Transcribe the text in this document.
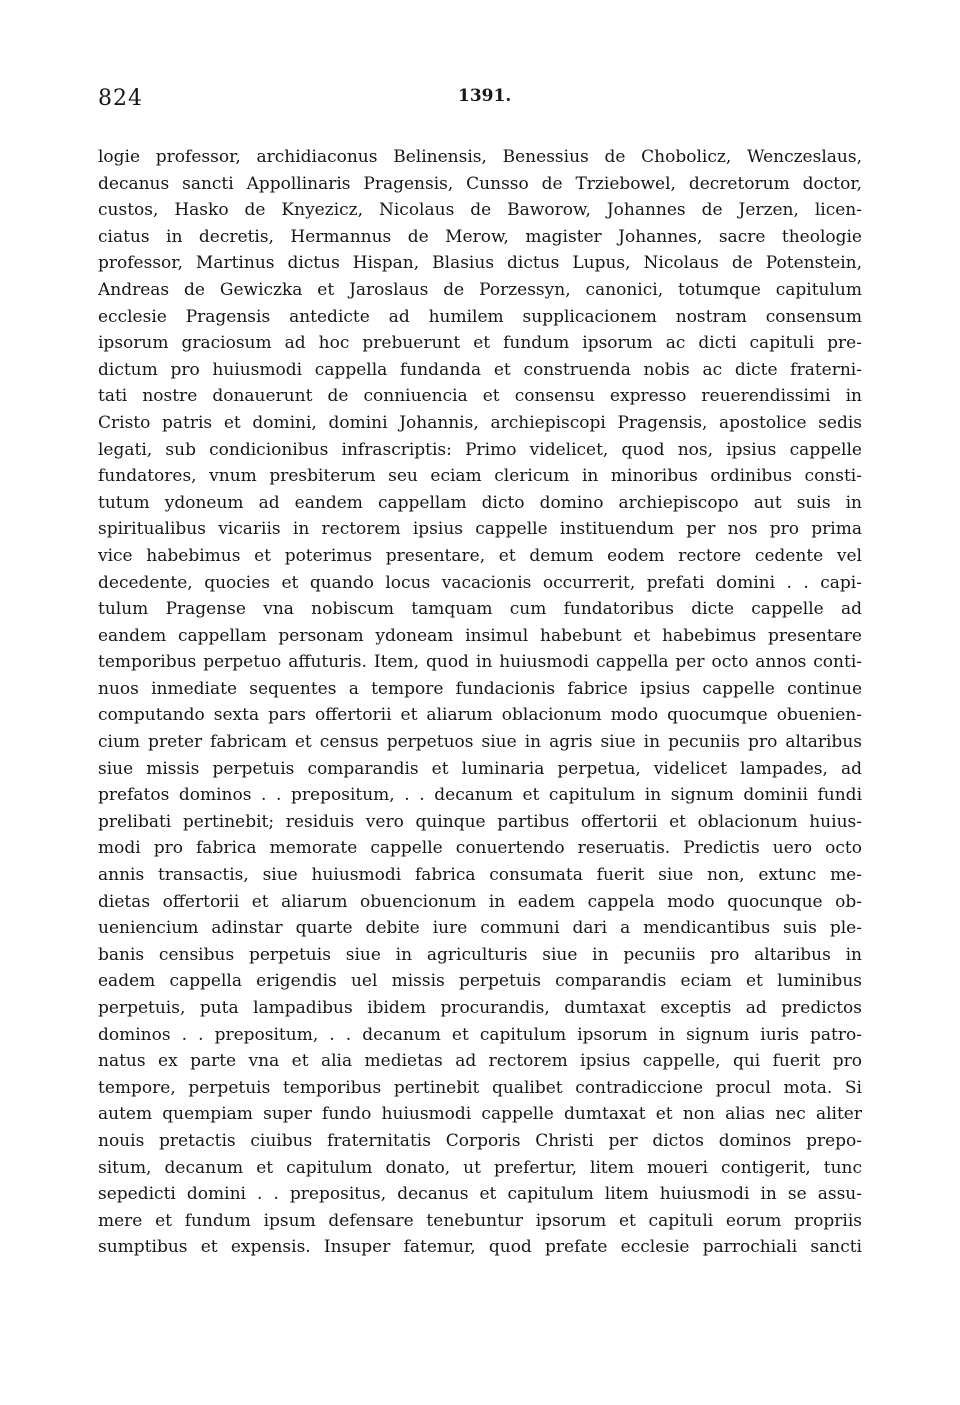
824	1391.
logie professor, archidiaconus Belinensis, Benessius de Chobolicz, Wenczeslaus,
decanus sancti Appollinaris Pragensis, Cunsso de Trziebowel, decretorum doctor,
custos, Hasko de Knyezicz, Nicolaus de Baworow, Johannes de Jerzen, licen-
ciatus in decretis, Hermannus de Merow, magister Johannes, sacre theologie
professor, Martinus dictus Hispan, Blasius dictus Lupus, Nicolaus de Potenstein,
Andreas de Gewiczka et Jaroslaus de Porzessyn, canonici, totumque capitulum
ecclesie Pragensis antedicte ad humilem supplicacionem nostram consensum
ipsorum graciosum ad hoc prebuerunt et fundum ipsorum ac dicti capituli pre-
dictum pro huiusmodi cappella fundanda et construenda nobis ac dicte fraterni-
tati nostre donauerunt de conniuencia et consensu expresso reuerendissimi in
Cristo patris et domini, domini Johannis, archiepiscopi Pragensis, apostolice sedis
legati, sub condicionibus infrascriptis: Primo videlicet, quod nos, ipsius cappelle
fundatores, vnum presbiterum seu eciam clericum in minoribus ordinibus consti-
tutum ydoneum ad eandem cappellam dicto domino archiepiscopo aut suis in
spiritualibus vicariis in rectorem ipsius cappelle instituendum per nos pro prima
vice habebimus et poterimus presentare, et demum eodem rectore cedente vel
decedente, quocies et quando locus vacacionis occurrerit, prefati domini . . capi-
tulum Pragense vna nobiscum tamquam cum fundatoribus dicte cappelle ad
eandem cappellam personam ydoneam insimul habebunt et habebimus presentare
temporibus perpetuo affuturis. Item, quod in huiusmodi cappella per octo annos conti-
nuos inmediate sequentes a tempore fundacionis fabrice ipsius cappelle continue
computando sexta pars offertorii et aliarum oblacionum modo quocumque obuenien-
cium preter fabricam et census perpetuos siue in agris siue in pecuniis pro altaribus
siue missis perpetuis comparandis et luminaria perpetua, videlicet lampades, ad
prefatos dominos . . prepositum, . . decanum et capitulum in signum dominii fundi
prelibati pertinebit; residuis vero quinque partibus offertorii et oblacionum huius-
modi pro fabrica memorate cappelle conuertendo reseruatis. Predictis uero octo
annis transactis, siue huiusmodi fabrica consumata fuerit siue non, extunc me-
dietas offertorii et aliarum obuencionum in eadem cappela modo quocunque ob-
ueniencium adinstar quarte debite iure communi dari a mendicantibus suis ple-
banis censibus perpetuis siue in agriculturis siue in pecuniis pro altaribus in
eadem cappella erigendis uel missis perpetuis comparandis eciam et luminibus
perpetuis, puta lampadibus ibidem procurandis, dumtaxat exceptis ad predictos
dominos . . prepositum, . . decanum et capitulum ipsorum in signum iuris patro-
natus ex parte vna et alia medietas ad rectorem ipsius cappelle, qui fuerit pro
tempore, perpetuis temporibus pertinebit qualibet contradiccione procul mota. Si
autem quempiam super fundo huiusmodi cappelle dumtaxat et non alias nec aliter
nouis pretactis ciuibus fraternitatis Corporis Christi per dictos dominos prepo-
situm, decanum et capitulum donato, ut prefertur, litem moueri contigerit, tunc
sepedicti domini . . prepositus, decanus et capitulum litem huiusmodi in se assu-
mere et fundum ipsum defensare tenebuntur ipsorum et capituli eorum propriis
sumptibus et expensis. Insuper fatemur, quod prefate ecclesie parrochiali sancti
